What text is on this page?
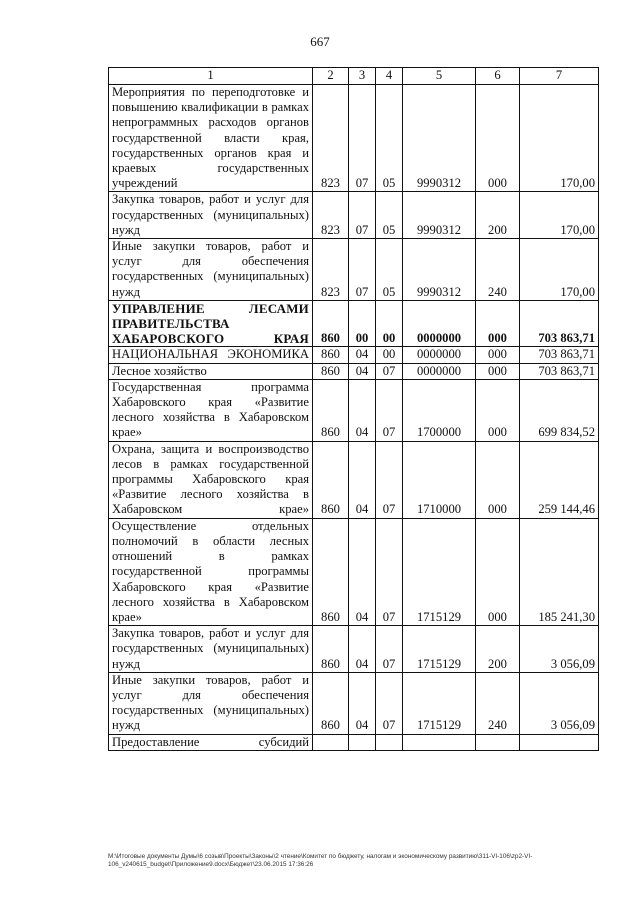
667
1	2	3	4	5	6	7
Мероприятия по переподготовке и повышению квалификации в рамках непрограммных расходов органов государственной власти края, государственных органов края и краевых государственных учреждений	823	07	05	9990312	000	170,00
Закупка товаров, работ и услуг для государственных (муниципальных) нужд	823	07	05	9990312	200	170,00
Иные закупки товаров, работ и услуг для обеспечения государственных (муниципальных) нужд	823	07	05	9990312	240	170,00
УПРАВЛЕНИЕ ЛЕСАМИ ПРАВИТЕЛЬСТВА ХАБАРОВСКОГО КРАЯ	860	00	00	0000000	000	703 863,71
НАЦИОНАЛЬНАЯ ЭКОНОМИКА	860	04	00	0000000	000	703 863,71
Лесное хозяйство	860	04	07	0000000	000	703 863,71
Государственная программа Хабаровского края «Развитие лесного хозяйства в Хабаровском крае»	860	04	07	1700000	000	699 834,52
Охрана, защита и воспроизводство лесов в рамках государственной программы Хабаровского края «Развитие лесного хозяйства в Хабаровском крае»	860	04	07	1710000	000	259 144,46
Осуществление отдельных полномочий в области лесных отношений в рамках государственной программы Хабаровского края «Развитие лесного хозяйства в Хабаровском крае»	860	04	07	1715129	000	185 241,30
Закупка товаров, работ и услуг для государственных (муниципальных) нужд	860	04	07	1715129	200	3 056,09
Иные закупки товаров, работ и услуг для обеспечения государственных (муниципальных) нужд	860	04	07	1715129	240	3 056,09
Предоставление субсидий						
M:\Итоговые документы Думы\6 созыв\Проекты\Законы\2 чтение\Комитет по бюджету, налогам и экономическому развитию\311-VI-106\zp2-VI-
106_v240615_budget\Приложение9.docx\Бюджет\23.06.2015 17:36:26
